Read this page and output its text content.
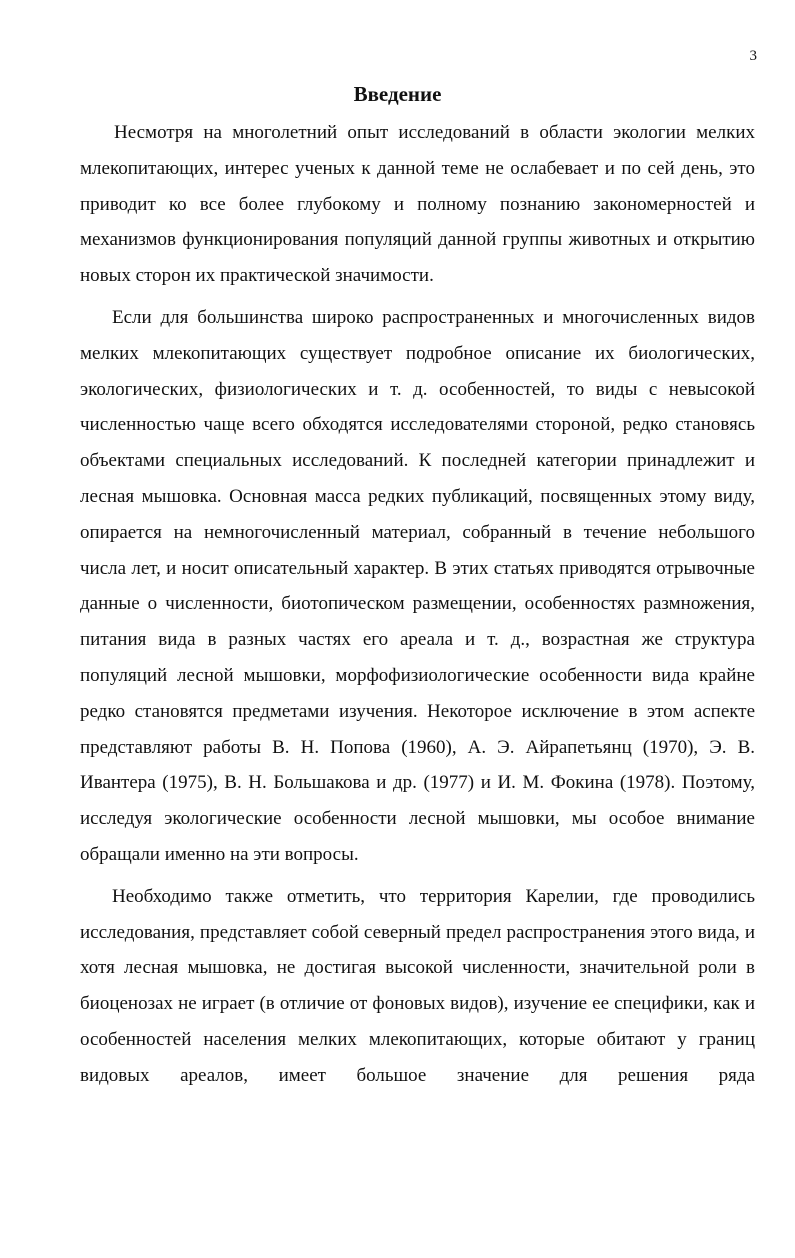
3
Введение

Несмотря на многолетний опыт исследований в области экологии мелких млекопитающих, интерес ученых к данной теме не ослабевает и по сей день, это приводит ко все более глубокому и полному познанию закономерностей и механизмов функционирования популяций данной группы животных и открытию новых сторон их практической значимости.

Если для большинства широко распространенных и многочисленных видов мелких млекопитающих существует подробное описание их биологических, экологических, физиологических и т. д. особенностей, то виды с невысокой численностью чаще всего обходятся исследователями стороной, редко становясь объектами специальных исследований. К последней категории принадлежит и лесная мышовка. Основная масса редких публикаций, посвященных этому виду, опирается на немногочисленный материал, собранный в течение небольшого числа лет, и носит описательный характер. В этих статьях приводятся отрывочные данные о численности, биотопическом размещении, особенностях размножения, питания вида в разных частях его ареала и т. д., возрастная же структура популяций лесной мышовки, морфофизиологические особенности вида крайне редко становятся предметами изучения. Некоторое исключение в этом аспекте представляют работы В. Н. Попова (1960), А. Э. Айрапетьянц (1970), Э. В. Ивантера (1975), В. Н. Большакова и др. (1977) и И. М. Фокина (1978). Поэтому, исследуя экологические особенности лесной мышовки, мы особое внимание обращали именно на эти вопросы.

Необходимо также отметить, что территория Карелии, где проводились исследования, представляет собой северный предел распространения этого вида, и хотя лесная мышовка, не достигая высокой численности, значительной роли в биоценозах не играет (в отличие от фоновых видов), изучение ее специфики, как и особенностей населения мелких млекопитающих, которые обитают у границ видовых ареалов, имеет большое значение для решения ряда
